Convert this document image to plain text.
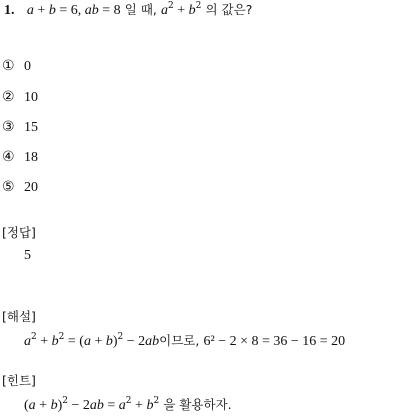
1. a + b = 6, ab = 8 일 때, $a^2 + b^2$ 의 값은?
① 0
② 10
③ 15
④ 18
⑤ 20
[정답]
5
[해설]
$a^2 + b^2 = (a + b)^2 - 2ab$이므로, 6² − 2 × 8 = 36 − 16 = 20
[힌트]
$(a + b)^2 - 2ab = a^2 + b^2$ 을 활용하자.
